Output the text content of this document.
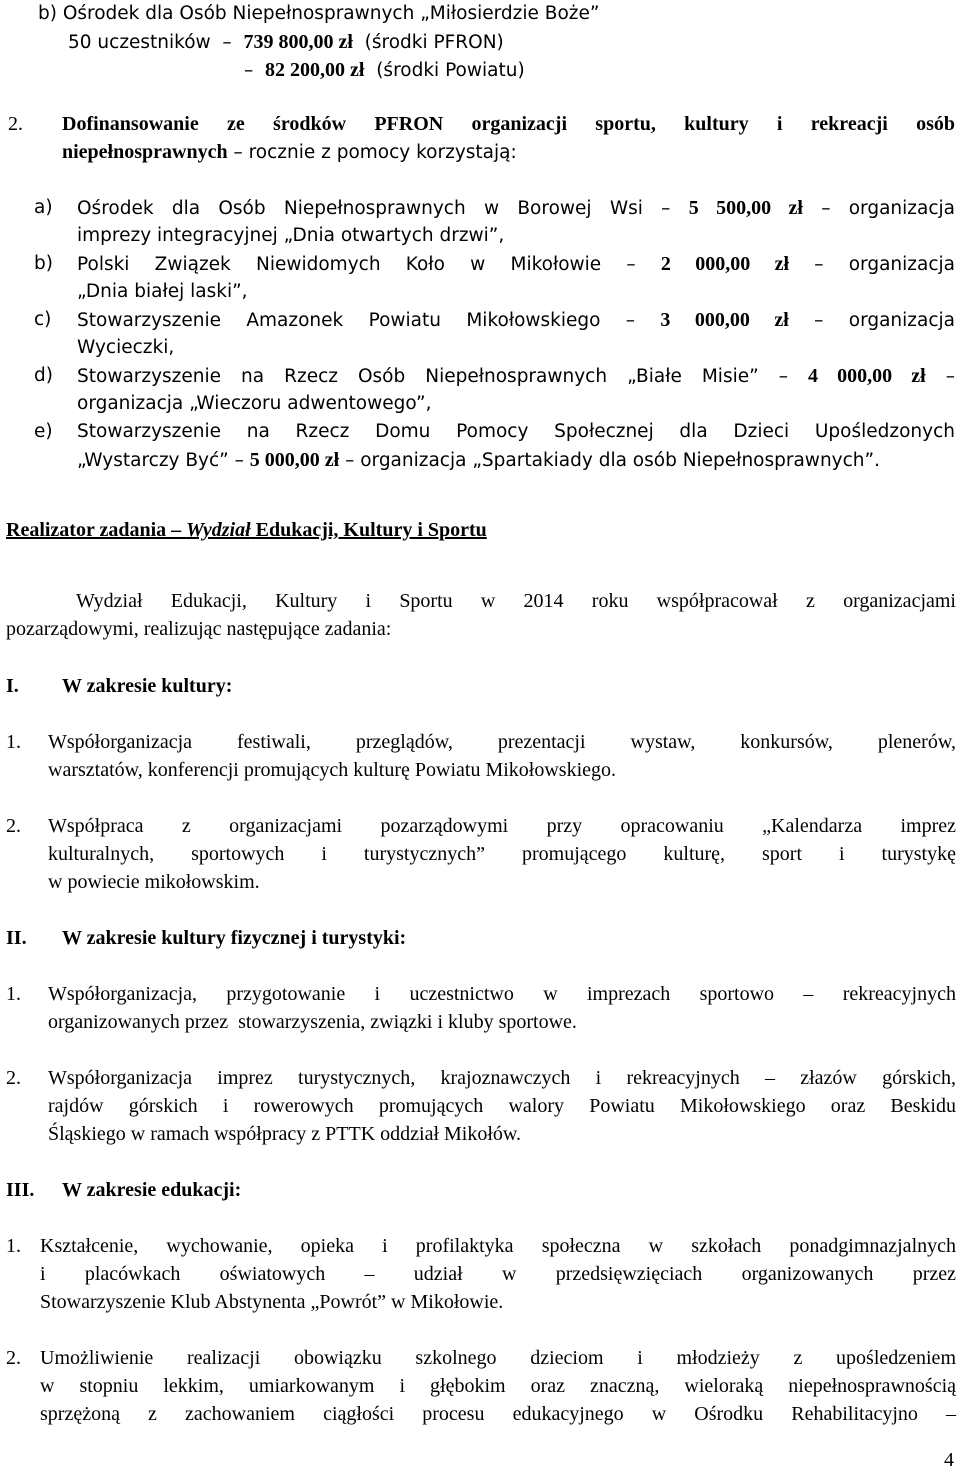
b) Ośrodek dla Osób Niepełnosprawnych „Miłosierdzie Boże”
50 uczestników  –  739 800,00 zł  (środki PFRON)
–  82 200,00 zł  (środki Powiatu)
2. Dofinansowanie ze środków PFRON organizacji sportu, kultury i rekreacji osób
niepełnosprawnych – rocznie z pomocy korzystają:
a) Ośrodek dla Osób Niepełnosprawnych w Borowej Wsi – 5 500,00 zł – organizacja
imprezy integracyjnej „Dnia otwartych drzwi”,
b) Polski Związek Niewidomych Koło w Mikołowie – 2 000,00 zł – organizacja
„Dnia białej laski”,
c) Stowarzyszenie Amazonek Powiatu Mikołowskiego – 3 000,00 zł – organizacja
Wycieczki,
d) Stowarzyszenie na Rzecz Osób Niepełnosprawnych „Białe Misie” – 4 000,00 zł –
organizacja „Wieczoru adwentowego”,
e) Stowarzyszenie na Rzecz Domu Pomocy Społecznej dla Dzieci Upośledzonych
„Wystarczy Być” – 5 000,00 zł – organizacja „Spartakiady dla osób Niepełnosprawnych”.
Realizator zadania – Wydział Edukacji, Kultury i Sportu
Wydział Edukacji, Kultury i Sportu w 2014 roku współpracował z organizacjami
pozarządowymi, realizując następujące zadania:
I. W zakresie kultury:
1. Współorganizacja festiwali, przeglądów, prezentacji wystaw, konkursów, plenerów,
warsztatów, konferencji promujących kulturę Powiatu Mikołowskiego.
2. Współpraca z organizacjami pozarządowymi przy opracowaniu „Kalendarza imprez
kulturalnych, sportowych i turystycznych” promującego kulturę, sport i turystykę
w powiecie mikołowskim.
II. W zakresie kultury fizycznej i turystyki:
1. Współorganizacja, przygotowanie i uczestnictwo w imprezach sportowo – rekreacyjnych
organizowanych przez  stowarzyszenia, związki i kluby sportowe.
2. Współorganizacja imprez turystycznych, krajoznawczych i rekreacyjnych – złazów górskich,
rajdów górskich i rowerowych promujących walory Powiatu Mikołowskiego oraz Beskidu
Śląskiego w ramach współpracy z PTTK oddział Mikołów.
III. W zakresie edukacji:
1. Kształcenie, wychowanie, opieka i profilaktyka społeczna w szkołach ponadgimnazjalnych
i placówkach oświatowych – udział w przedsięwzięciach organizowanych przez
Stowarzyszenie Klub Abstynenta „Powrót” w Mikołowie.
2. Umożliwienie realizacji obowiązku szkolnego dzieciom i młodzieży z upośledzeniem
w stopniu lekkim, umiarkowanym i głębokim oraz znaczną, wieloraką niepełnosprawnością
sprzężoną z zachowaniem ciągłości procesu edukacyjnego w Ośrodku Rehabilitacyjno –
4
